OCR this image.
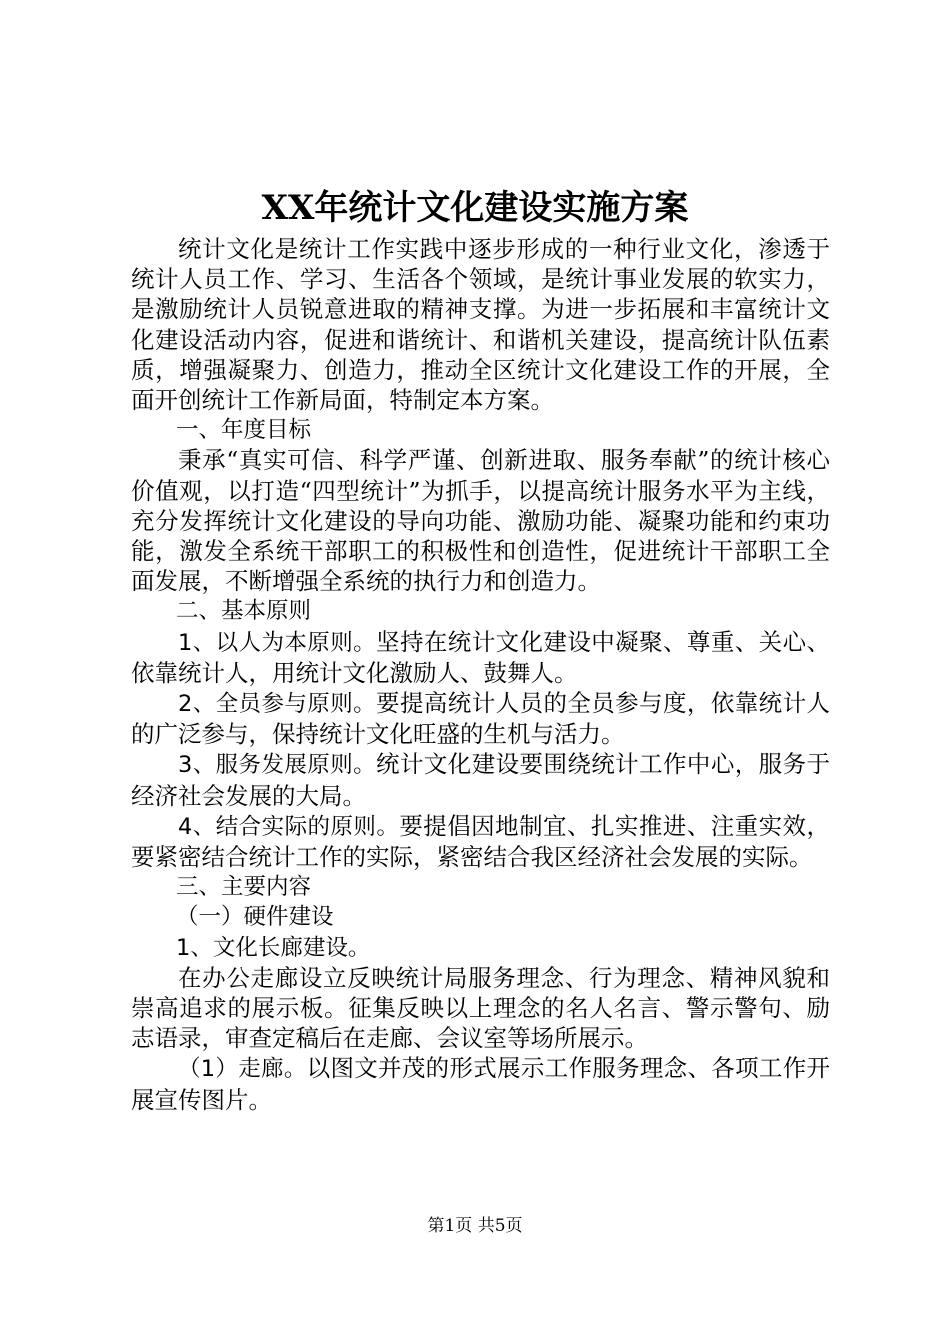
XX年统计文化建设实施方案

统计文化是统计工作实践中逐步形成的一种行业文化，渗透于统计人员工作、学习、生活各个领域，是统计事业发展的软实力，是激励统计人员锐意进取的精神支撑。为进一步拓展和丰富统计文化建设活动内容，促进和谐统计、和谐机关建设，提高统计队伍素质，增强凝聚力、创造力，推动全区统计文化建设工作的开展，全面开创统计工作新局面，特制定本方案。

一、年度目标

秉承“真实可信、科学严谨、创新进取、服务奉献”的统计核心价值观，以打造“四型统计”为抓手，以提高统计服务水平为主线，充分发挥统计文化建设的导向功能、激励功能、凝聚功能和约束功能，激发全系统干部职工的积极性和创造性，促进统计干部职工全面发展，不断增强全系统的执行力和创造力。

二、基本原则

1、以人为本原则。坚持在统计文化建设中凝聚、尊重、关心、依靠统计人，用统计文化激励人、鼓舞人。

2、全员参与原则。要提高统计人员的全员参与度，依靠统计人的广泛参与，保持统计文化旺盛的生机与活力。

3、服务发展原则。统计文化建设要围绕统计工作中心，服务于经济社会发展的大局。

4、结合实际的原则。要提倡因地制宜、扎实推进、注重实效，要紧密结合统计工作的实际，紧密结合我区经济社会发展的实际。

三、主要内容

（一）硬件建设

1、文化长廊建设。

在办公走廊设立反映统计局服务理念、行为理念、精神风貌和崇高追求的展示板。征集反映以上理念的名人名言、警示警句、励志语录，审查定稿后在走廊、会议室等场所展示。

（1）走廊。以图文并茂的形式展示工作服务理念、各项工作开展宣传图片。

第1页 共5页
